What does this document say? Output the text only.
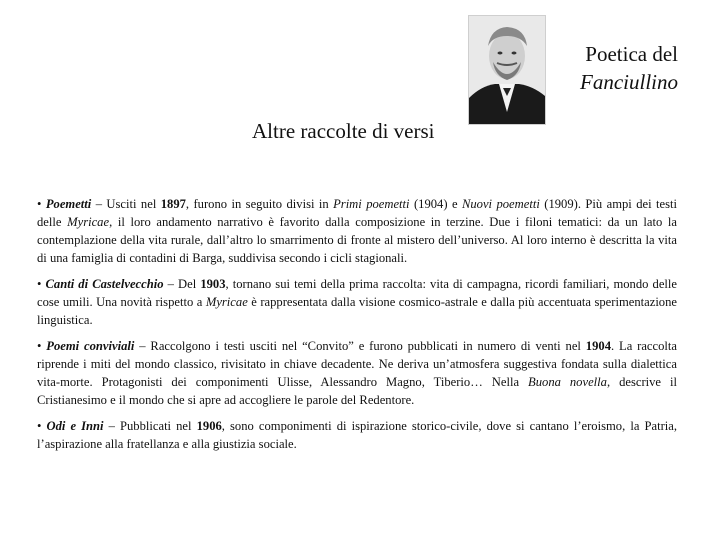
Poetica del
Fanciullino
Altre raccolte di versi

• Poemetti – Usciti nel 1897, furono in seguito divisi in Primi poemetti (1904) e Nuovi poemetti (1909). Più ampi dei testi delle Myricae, il loro andamento narrativo è favorito dalla composizione in terzine. Due i filoni tematici: da un lato la contemplazione della vita rurale, dall’altro lo smarrimento di fronte al mistero dell’universo. Al loro interno è descritta la vita di una famiglia di contadini di Barga, suddivisa secondo i cicli stagionali.

• Canti di Castelvecchio – Del 1903, tornano sui temi della prima raccolta: vita di campagna, ricordi familiari, mondo delle cose umili. Una novità rispetto a Myricae è rappresentata dalla visione cosmico-astrale e dalla più accentuata sperimentazione linguistica.

• Poemi conviviali – Raccolgono i testi usciti nel “Convito” e furono pubblicati in numero di venti nel 1904. La raccolta riprende i miti del mondo classico, rivisitato in chiave decadente. Ne deriva un’atmosfera suggestiva fondata sulla dialettica vita-morte. Protagonisti dei componimenti Ulisse, Alessandro Magno, Tiberio… Nella Buona novella, descrive il Cristianesimo e il mondo che si apre ad accogliere le parole del Redentore.

• Odi e Inni – Pubblicati nel 1906, sono componimenti di ispirazione storico-civile, dove si cantano l’eroismo, la Patria, l’aspirazione alla fratellanza e alla giustizia sociale.
